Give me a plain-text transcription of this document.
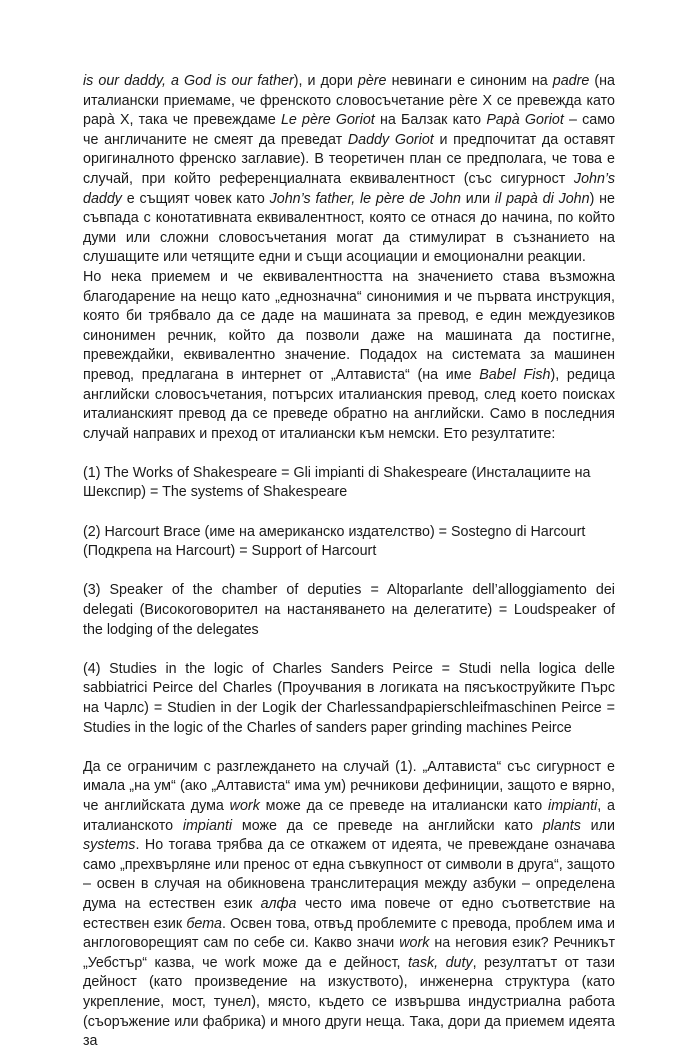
is our daddy, a God is our father), и дори père невинаги е синоним на padre (на италиански приемаме, че френското словосъчетание père X се превежда като papà X, така че превеждаме Le père Goriot на Балзак като Papà Goriot – само че англичаните не смеят да преведат Daddy Goriot и предпочитат да оставят оригиналното френско заглавие). В теоретичен план се предполага, че това е случай, при който референциалната еквивалентност (със сигурност John’s daddy е същият човек като John’s father, le père de John или il papà di John) не съвпада с конотативната еквивалентност, която се отнася до начина, по който думи или сложни словосъчетания могат да стимулират в съзнанието на слушащите или четящите едни и същи асоциации и емоционални реакции.

Но нека приемем и че еквивалентността на значението става възможна благодарение на нещо като „еднозначна“ синонимия и че първата инструкция, която би трябвало да се даде на машината за превод, е един междуезиков синонимен речник, който да позволи даже на машината да постигне, превеждайки, еквивалентно значение. Подадох на системата за машинен превод, предлагана в интернет от „Алтависта“ (на име Babel Fish), редица английски словосъчетания, потърсих италианския превод, след което поисках италианският превод да се преведе обратно на английски. Само в последния случай направих и преход от италиански към немски. Ето резултатите:

(1) The Works of Shakespeare = Gli impianti di Shakespeare (Инсталациите на Шекспир) = The systems of Shakespeare

(2) Harcourt Brace (име на американско издателство) = Sostegno di Harcourt (Подкрепа на Harcourt) = Support of Harcourt

(3) Speaker of the chamber of deputies = Altoparlante dell’alloggiamento dei delegati (Високоговорител на настаняването на делегатите) = Loudspeaker of the lodging of the delegates

(4) Studies in the logic of Charles Sanders Peirce = Studi nella logica delle sabbiatrici Peirce del Charles (Проучвания в логиката на пясъкоструйките Пърс на Чарлс) = Studien in der Logik der Charlessandpapierschleifmaschinen Peirce = Studies in the logic of the Charles of sanders paper grinding machines Peirce

Да се ограничим с разглеждането на случай (1). „Алтависта“ със сигурност е имала „на ум“ (ако „Алтависта“ има ум) речникови дефиниции, защото е вярно, че английската дума work може да се преведе на италиански като impianti, а италианското impianti може да се преведе на английски като plants или systems. Но тогава трябва да се откажем от идеята, че превеждане означава само „прехвърляне или пренос от една съвкупност от символи в друга“, защото – освен в случая на обикновена транслитерация между азбуки – определена дума на естествен език алфа често има повече от едно съответствие на естествен език бета. Освен това, отвъд проблемите с превода, проблем има и англоговорещият сам по себе си. Какво значи work на неговия език? Речникът „Уебстър“ казва, че work може да е дейност, task, duty, резултатът от тази дейност (като произведение на изкуството), инженерна структура (като укрепление, мост, тунел), място, където се извършва индустриална работа (съоръжение или фабрика) и много други неща. Така, дори да приемем идеята за
